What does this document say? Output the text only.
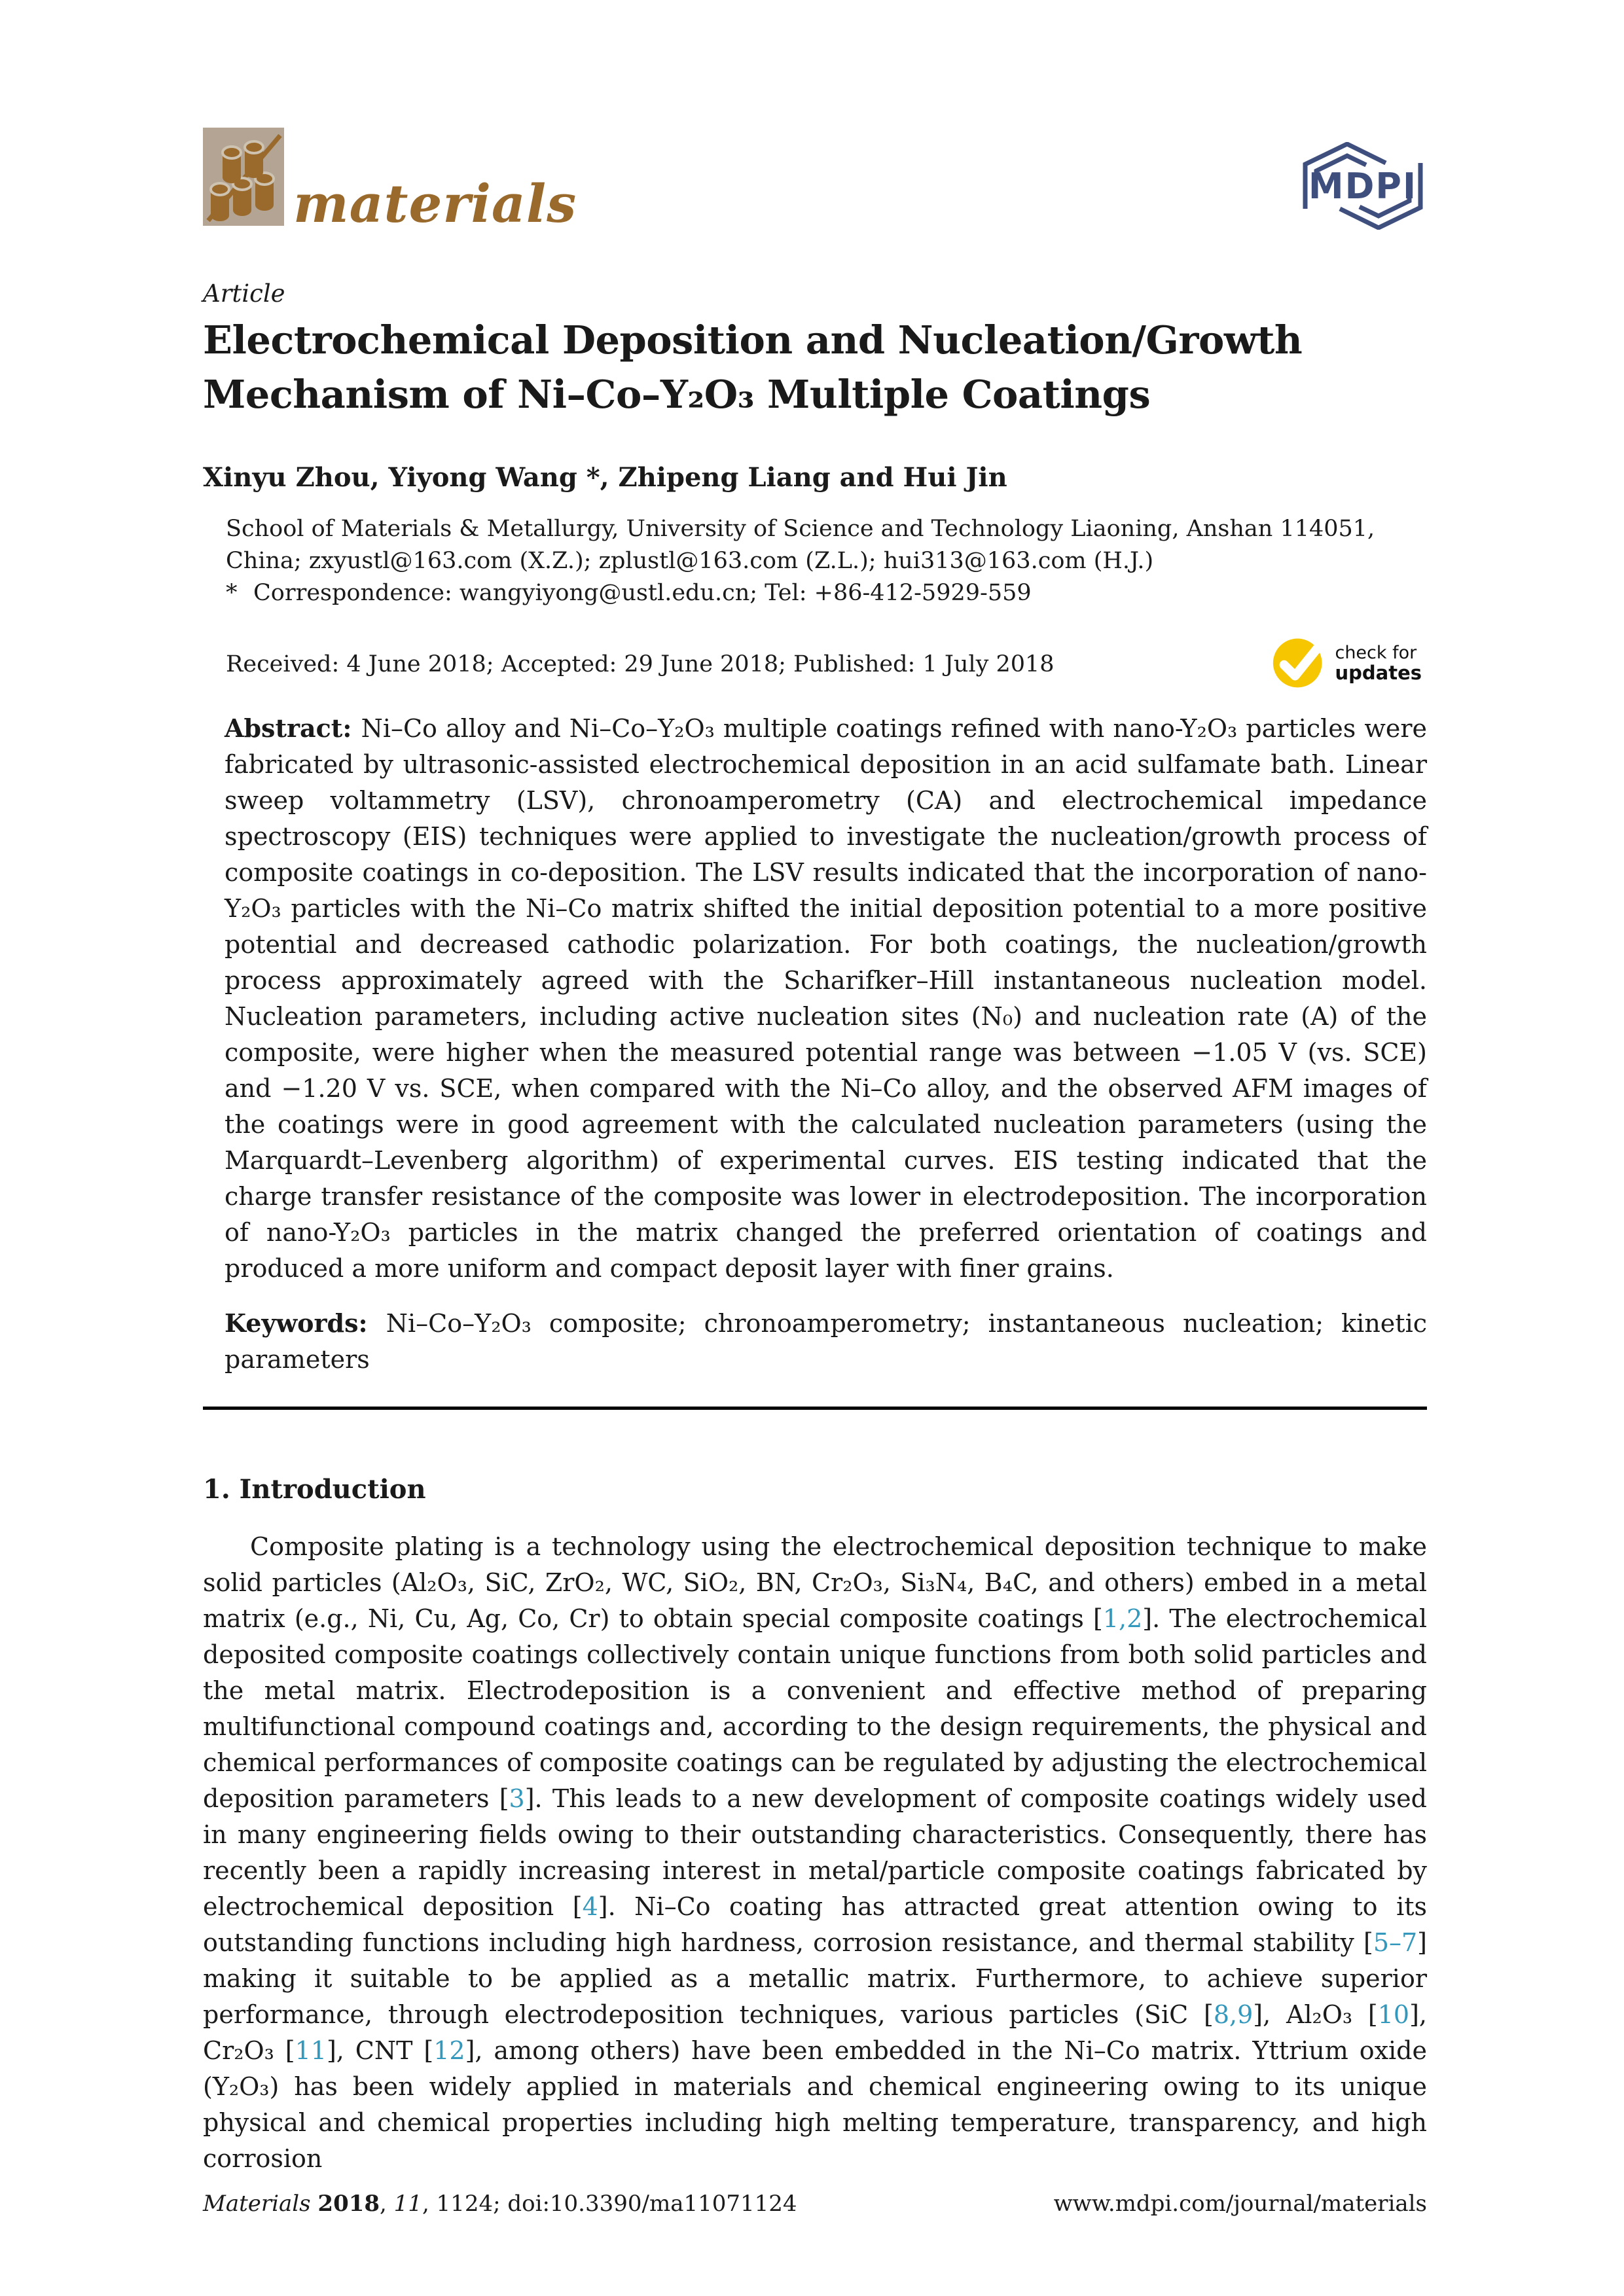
materials	MDPI
Article
Electrochemical Deposition and Nucleation/Growth
Mechanism of Ni–Co–Y₂O₃ Multiple Coatings
Xinyu Zhou, Yiyong Wang *, Zhipeng Liang and Hui Jin
School of Materials & Metallurgy, University of Science and Technology Liaoning, Anshan 114051, China; zxyustl@163.com (X.Z.); zplustl@163.com (Z.L.); hui313@163.com (H.J.)
* Correspondence: wangyiyong@ustl.edu.cn; Tel: +86-412-5929-559
Received: 4 June 2018; Accepted: 29 June 2018; Published: 1 July 2018	check for
updates

Abstract: Ni–Co alloy and Ni–Co–Y₂O₃ multiple coatings refined with nano-Y₂O₃ particles were fabricated by ultrasonic-assisted electrochemical deposition in an acid sulfamate bath. Linear sweep voltammetry (LSV), chronoamperometry (CA) and electrochemical impedance spectroscopy (EIS) techniques were applied to investigate the nucleation/growth process of composite coatings in co-deposition. The LSV results indicated that the incorporation of nano-Y₂O₃ particles with the Ni–Co matrix shifted the initial deposition potential to a more positive potential and decreased cathodic polarization. For both coatings, the nucleation/growth process approximately agreed with the Scharifker–Hill instantaneous nucleation model. Nucleation parameters, including active nucleation sites (N₀) and nucleation rate (A) of the composite, were higher when the measured potential range was between −1.05 V (vs. SCE) and −1.20 V vs. SCE, when compared with the Ni–Co alloy, and the observed AFM images of the coatings were in good agreement with the calculated nucleation parameters (using the Marquardt–Levenberg algorithm) of experimental curves. EIS testing indicated that the charge transfer resistance of the composite was lower in electrodeposition. The incorporation of nano-Y₂O₃ particles in the matrix changed the preferred orientation of coatings and produced a more uniform and compact deposit layer with finer grains.

Keywords: Ni–Co–Y₂O₃ composite; chronoamperometry; instantaneous nucleation; kinetic parameters

1. Introduction

Composite plating is a technology using the electrochemical deposition technique to make solid particles (Al₂O₃, SiC, ZrO₂, WC, SiO₂, BN, Cr₂O₃, Si₃N₄, B₄C, and others) embed in a metal matrix (e.g., Ni, Cu, Ag, Co, Cr) to obtain special composite coatings [1,2]. The electrochemical deposited composite coatings collectively contain unique functions from both solid particles and the metal matrix. Electrodeposition is a convenient and effective method of preparing multifunctional compound coatings and, according to the design requirements, the physical and chemical performances of composite coatings can be regulated by adjusting the electrochemical deposition parameters [3]. This leads to a new development of composite coatings widely used in many engineering fields owing to their outstanding characteristics. Consequently, there has recently been a rapidly increasing interest in metal/particle composite coatings fabricated by electrochemical deposition [4]. Ni–Co coating has attracted great attention owing to its outstanding functions including high hardness, corrosion resistance, and thermal stability [5–7] making it suitable to be applied as a metallic matrix. Furthermore, to achieve superior performance, through electrodeposition techniques, various particles (SiC [8,9], Al₂O₃ [10], Cr₂O₃ [11], CNT [12], among others) have been embedded in the Ni–Co matrix. Yttrium oxide (Y₂O₃) has been widely applied in materials and chemical engineering owing to its unique physical and chemical properties including high melting temperature, transparency, and high corrosion

Materials 2018, 11, 1124; doi:10.3390/ma11071124	www.mdpi.com/journal/materials
